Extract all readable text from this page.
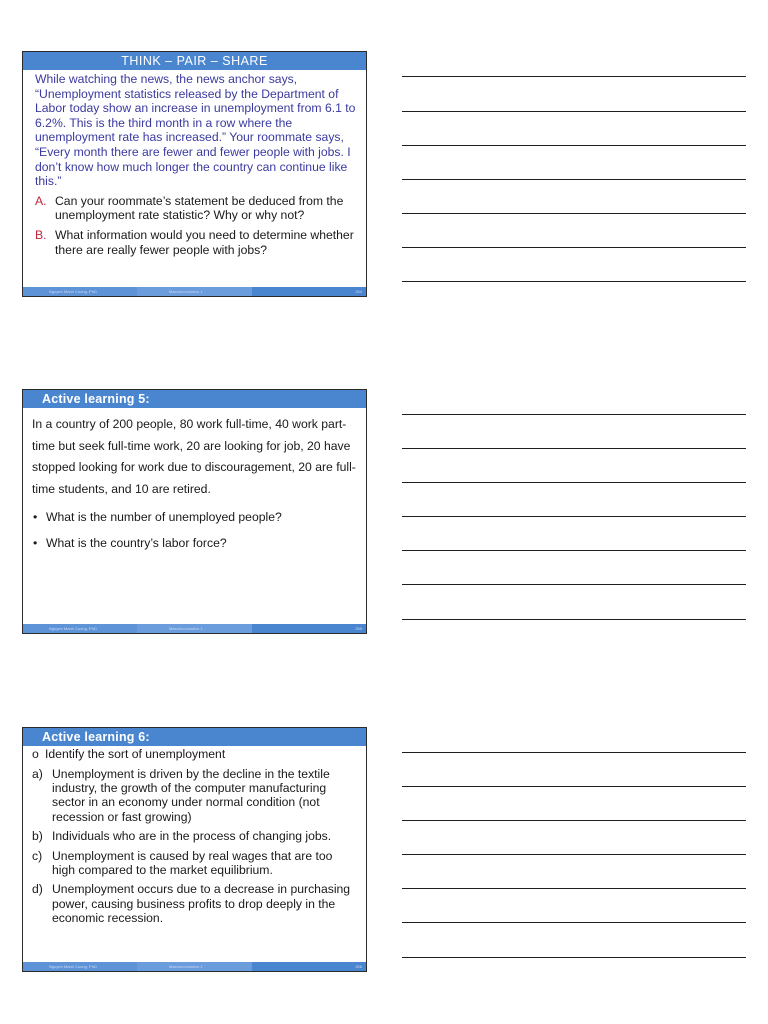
THINK – PAIR – SHARE
While watching the news, the news anchor says, “Unemployment statistics released by the Department of Labor today show an increase in unemployment from 6.1 to 6.2%. This is the third month in a row where the unemployment rate has increased.” Your roommate says, “Every month there are fewer and fewer people with jobs. I don’t know how much longer the country can continue like this.”
A. Can your roommate’s statement be deduced from the unemployment rate statistic? Why or why not?
B. What information would you need to determine whether there are really fewer people with jobs?
Nguyen Manh Cuong, PhD	Macroeconomics 1	264
Active learning 5:
In a country of 200 people, 80 work full-time, 40 work part-time but seek full-time work, 20 are looking for job, 20 have stopped looking for work due to discouragement, 20 are full-time students, and 10 are retired.
• What is the number of unemployed people?
• What is the country’s labor force?
Nguyen Manh Cuong, PhD	Macroeconomics 1	265
Active learning 6:
o Identify the sort of unemployment
a) Unemployment is driven by the decline in the textile industry, the growth of the computer manufacturing sector in an economy under normal condition (not recession or fast growing)
b) Individuals who are in the process of changing jobs.
c) Unemployment is caused by real wages that are too high compared to the market equilibrium.
d) Unemployment occurs due to a decrease in purchasing power, causing business profits to drop deeply in the economic recession.
Nguyen Manh Cuong, PhD	Macroeconomics 1	266
